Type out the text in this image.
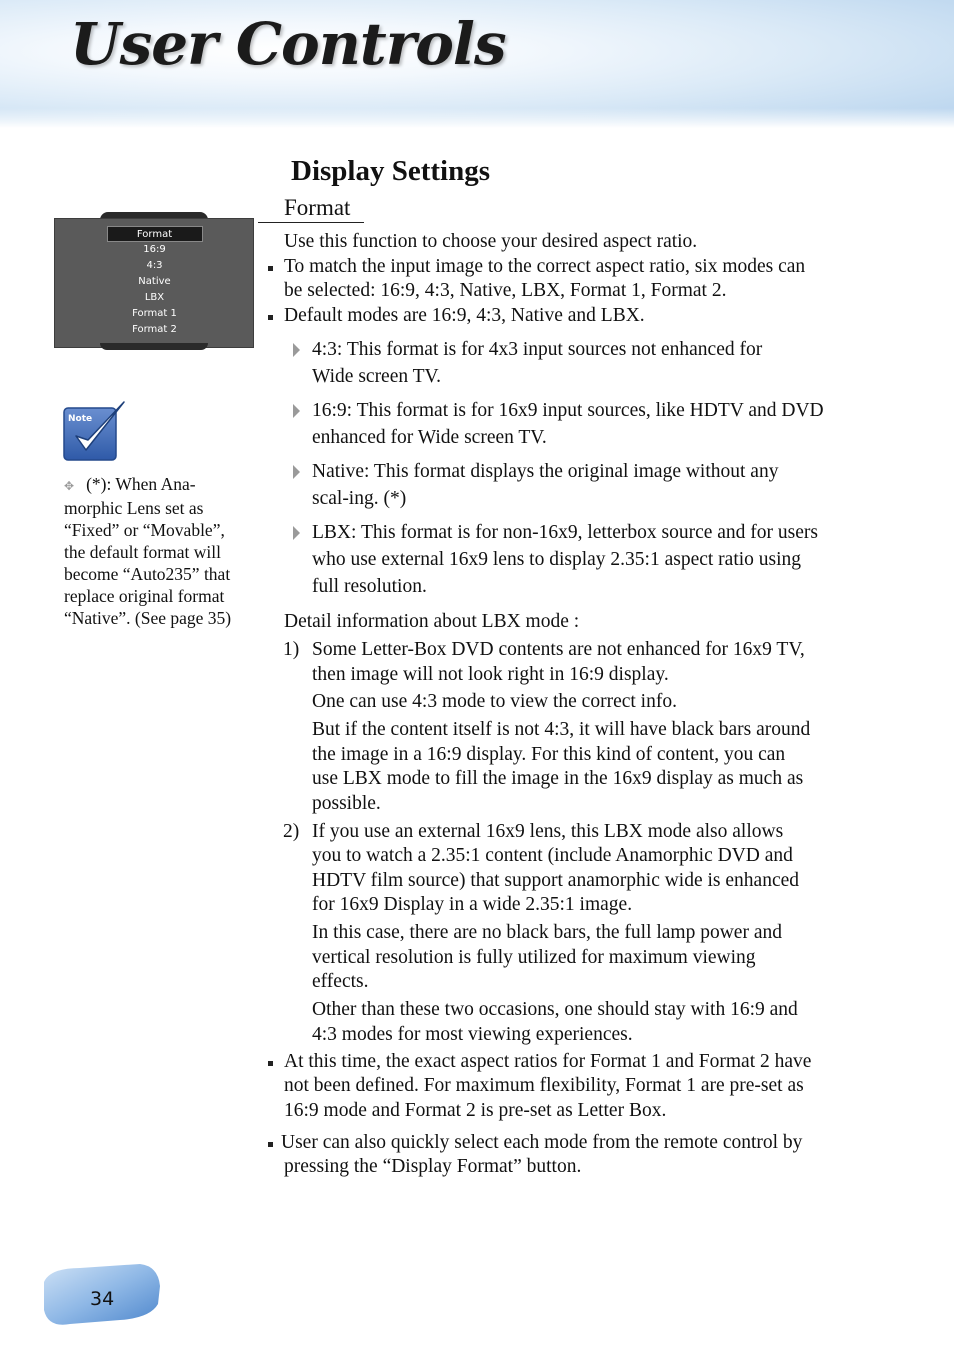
User Controls
Display Settings
Format
Format
16:9
4:3
Native
LBX
Format 1
Format 2
Note
✥ (*): When Ana-
morphic Lens set as
“Fixed” or “Movable”,
the default format will
become “Auto235” that
replace original format
“Native”. (See page 35)
Use this function to choose your desired aspect ratio.
To match the input image to the correct aspect ratio, six modes can
be selected: 16:9, 4:3, Native, LBX, Format 1, Format 2.
Default modes are 16:9, 4:3, Native and LBX.
4:3: This format is for 4x3 input sources not enhanced for
Wide screen TV.
16:9: This format is for 16x9 input sources, like HDTV and DVD
enhanced for Wide screen TV.
Native: This format displays the original image without any
scal-ing. (*)
LBX: This format is for non-16x9, letterbox source and for users
who use external 16x9 lens to display 2.35:1 aspect ratio using
full resolution.
Detail information about LBX mode :
1) Some Letter-Box DVD contents are not enhanced for 16x9 TV,
then image will not look right in 16:9 display.
One can use 4:3 mode to view the correct info.
But if the content itself is not 4:3, it will have black bars around
the image in a 16:9 display. For this kind of content, you can
use LBX mode to fill the image in the 16x9 display as much as
possible.
2) If you use an external 16x9 lens, this LBX mode also allows
you to watch a 2.35:1 content (include Anamorphic DVD and
HDTV film source) that support anamorphic wide is enhanced
for 16x9 Display in a wide 2.35:1 image.
In this case, there are no black bars, the full lamp power and
vertical resolution is fully utilized for maximum viewing
effects.
Other than these two occasions, one should stay with 16:9 and
4:3 modes for most viewing experiences.
At this time, the exact aspect ratios for Format 1 and Format 2 have
not been defined. For maximum flexibility, Format 1 are pre-set as
16:9 mode and Format 2 is pre-set as Letter Box.
User can also quickly select each mode from the remote control by
pressing the “Display Format” button.
34
